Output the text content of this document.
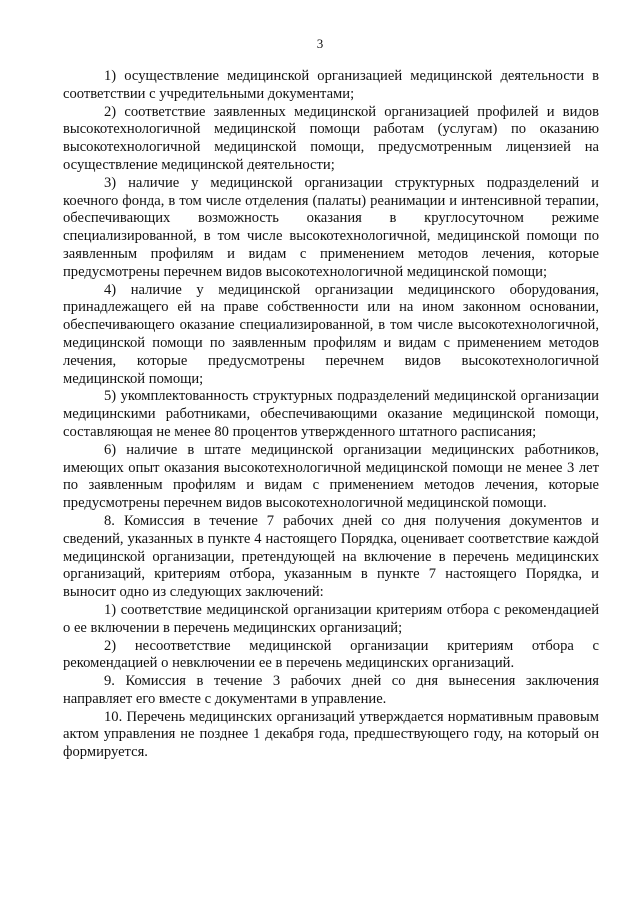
3

1) осуществление медицинской организацией медицинской деятельности в соответствии с учредительными документами;

2) соответствие заявленных медицинской организацией профилей и видов высокотехнологичной медицинской помощи работам (услугам) по оказанию высокотехнологичной медицинской помощи, предусмотренным лицензией на осуществление медицинской деятельности;

3) наличие у медицинской организации структурных подразделений и коечного фонда, в том числе отделения (палаты) реанимации и интенсивной терапии, обеспечивающих возможность оказания в круглосуточном режиме специализированной, в том числе высокотехнологичной, медицинской помощи по заявленным профилям и видам с применением методов лечения, которые предусмотрены перечнем видов высокотехнологичной медицинской помощи;

4) наличие у медицинской организации медицинского оборудования, принадлежащего ей на праве собственности или на ином законном основании, обеспечивающего оказание специализированной, в том числе высокотехнологичной, медицинской помощи по заявленным профилям и видам с применением методов лечения, которые предусмотрены перечнем видов высокотехнологичной медицинской помощи;

5) укомплектованность структурных подразделений медицинской организации медицинскими работниками, обеспечивающими оказание медицинской помощи, составляющая не менее 80 процентов утвержденного штатного расписания;

6) наличие в штате медицинской организации медицинских работников, имеющих опыт оказания высокотехнологичной медицинской помощи не менее 3 лет по заявленным профилям и видам с применением методов лечения, которые предусмотрены перечнем видов высокотехнологичной медицинской помощи.

8. Комиссия в течение 7 рабочих дней со дня получения документов и сведений, указанных в пункте 4 настоящего Порядка, оценивает соответствие каждой медицинской организации, претендующей на включение в перечень медицинских организаций, критериям отбора, указанным в пункте 7 настоящего Порядка, и выносит одно из следующих заключений:

1) соответствие медицинской организации критериям отбора с рекомендацией о ее включении в перечень медицинских организаций;

2) несоответствие медицинской организации критериям отбора с рекомендацией о невключении ее в перечень медицинских организаций.

9. Комиссия в течение 3 рабочих дней со дня вынесения заключения направляет его вместе с документами в управление.

10. Перечень медицинских организаций утверждается нормативным правовым актом управления не позднее 1 декабря года, предшествующего году, на который он формируется.
